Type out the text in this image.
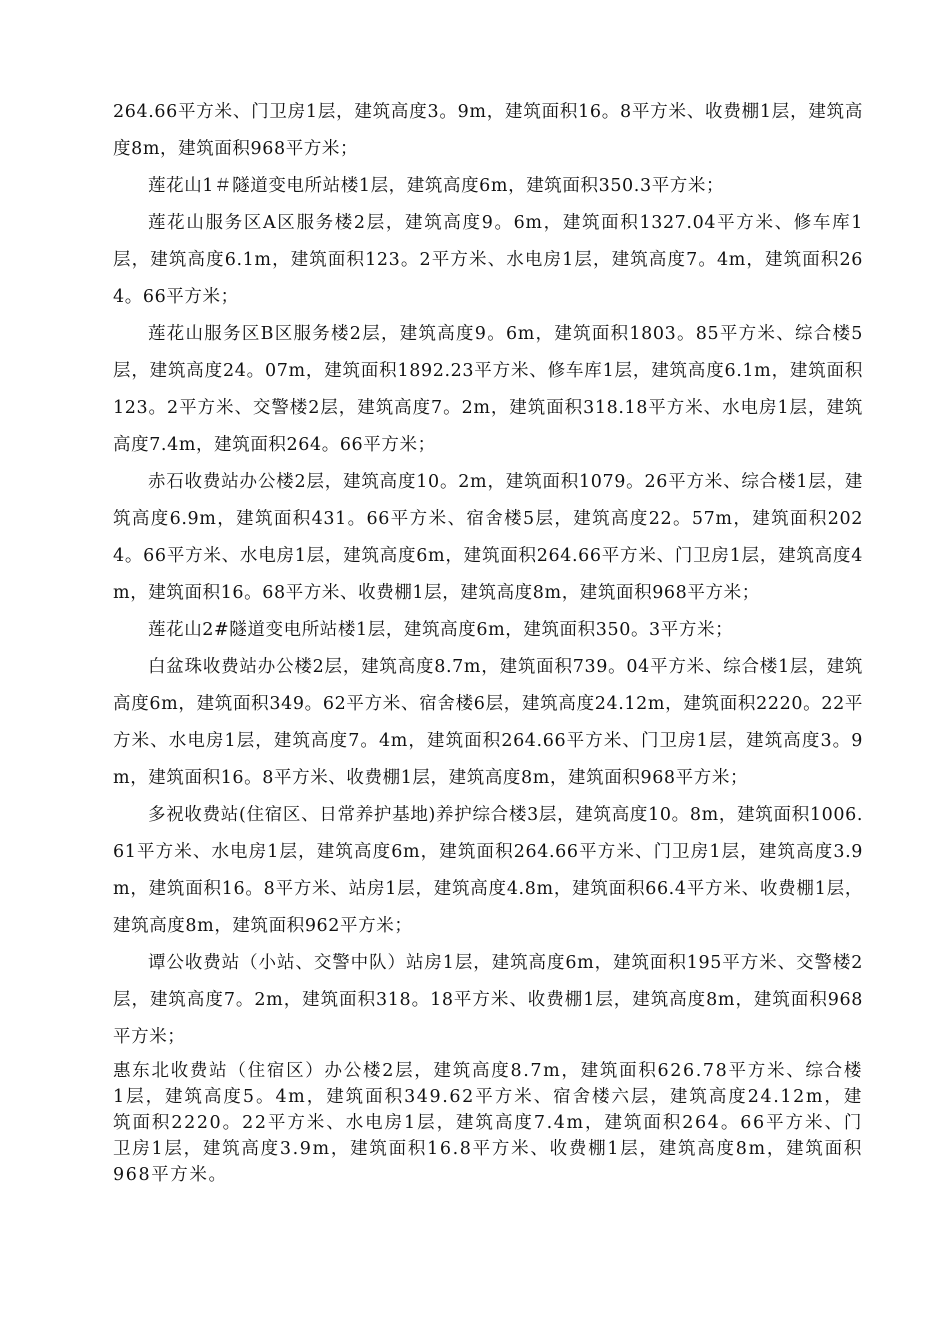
264.66平方米、门卫房1层，建筑高度3。9m，建筑面积16。8平方米、收费棚1层，建筑高度8m，建筑面积968平方米；

莲花山1＃隧道变电所站楼1层，建筑高度6m，建筑面积350.3平方米；

莲花山服务区A区服务楼2层，建筑高度9。6m，建筑面积1327.04平方米、修车库1层，建筑高度6.1m，建筑面积123。2平方米、水电房1层，建筑高度7。4m，建筑面积264。66平方米；

莲花山服务区B区服务楼2层，建筑高度9。6m，建筑面积1803。85平方米、综合楼5层，建筑高度24。07m，建筑面积1892.23平方米、修车库1层，建筑高度6.1m，建筑面积123。2平方米、交警楼2层，建筑高度7。2m，建筑面积318.18平方米、水电房1层，建筑高度7.4m，建筑面积264。66平方米；

赤石收费站办公楼2层，建筑高度10。2m，建筑面积1079。26平方米、综合楼1层，建筑高度6.9m，建筑面积431。66平方米、宿舍楼5层，建筑高度22。57m，建筑面积2024。66平方米、水电房1层，建筑高度6m，建筑面积264.66平方米、门卫房1层，建筑高度4m，建筑面积16。68平方米、收费棚1层，建筑高度8m，建筑面积968平方米；

莲花山2#隧道变电所站楼1层，建筑高度6m，建筑面积350。3平方米；

白盆珠收费站办公楼2层，建筑高度8.7m，建筑面积739。04平方米、综合楼1层，建筑高度6m，建筑面积349。62平方米、宿舍楼6层，建筑高度24.12m，建筑面积2220。22平方米、水电房1层，建筑高度7。4m，建筑面积264.66平方米、门卫房1层，建筑高度3。9m，建筑面积16。8平方米、收费棚1层，建筑高度8m，建筑面积968平方米；

多祝收费站(住宿区、日常养护基地)养护综合楼3层，建筑高度10。8m，建筑面积1006.61平方米、水电房1层，建筑高度6m，建筑面积264.66平方米、门卫房1层，建筑高度3.9m，建筑面积16。8平方米、站房1层，建筑高度4.8m，建筑面积66.4平方米、收费棚1层，建筑高度8m，建筑面积962平方米；

谭公收费站（小站、交警中队）站房1层，建筑高度6m，建筑面积195平方米、交警楼2层，建筑高度7。2m，建筑面积318。18平方米、收费棚1层，建筑高度8m，建筑面积968平方米；

惠东北收费站（住宿区）办公楼2层，建筑高度8.7m，建筑面积626.78平方米、综合楼1层，建筑高度5。4m，建筑面积349.62平方米、宿舍楼六层，建筑高度24.12m，建筑面积2220。22平方米、水电房1层，建筑高度7.4m，建筑面积264。66平方米、门卫房1层，建筑高度3.9m，建筑面积16.8平方米、收费棚1层，建筑高度8m，建筑面积968平方米。
